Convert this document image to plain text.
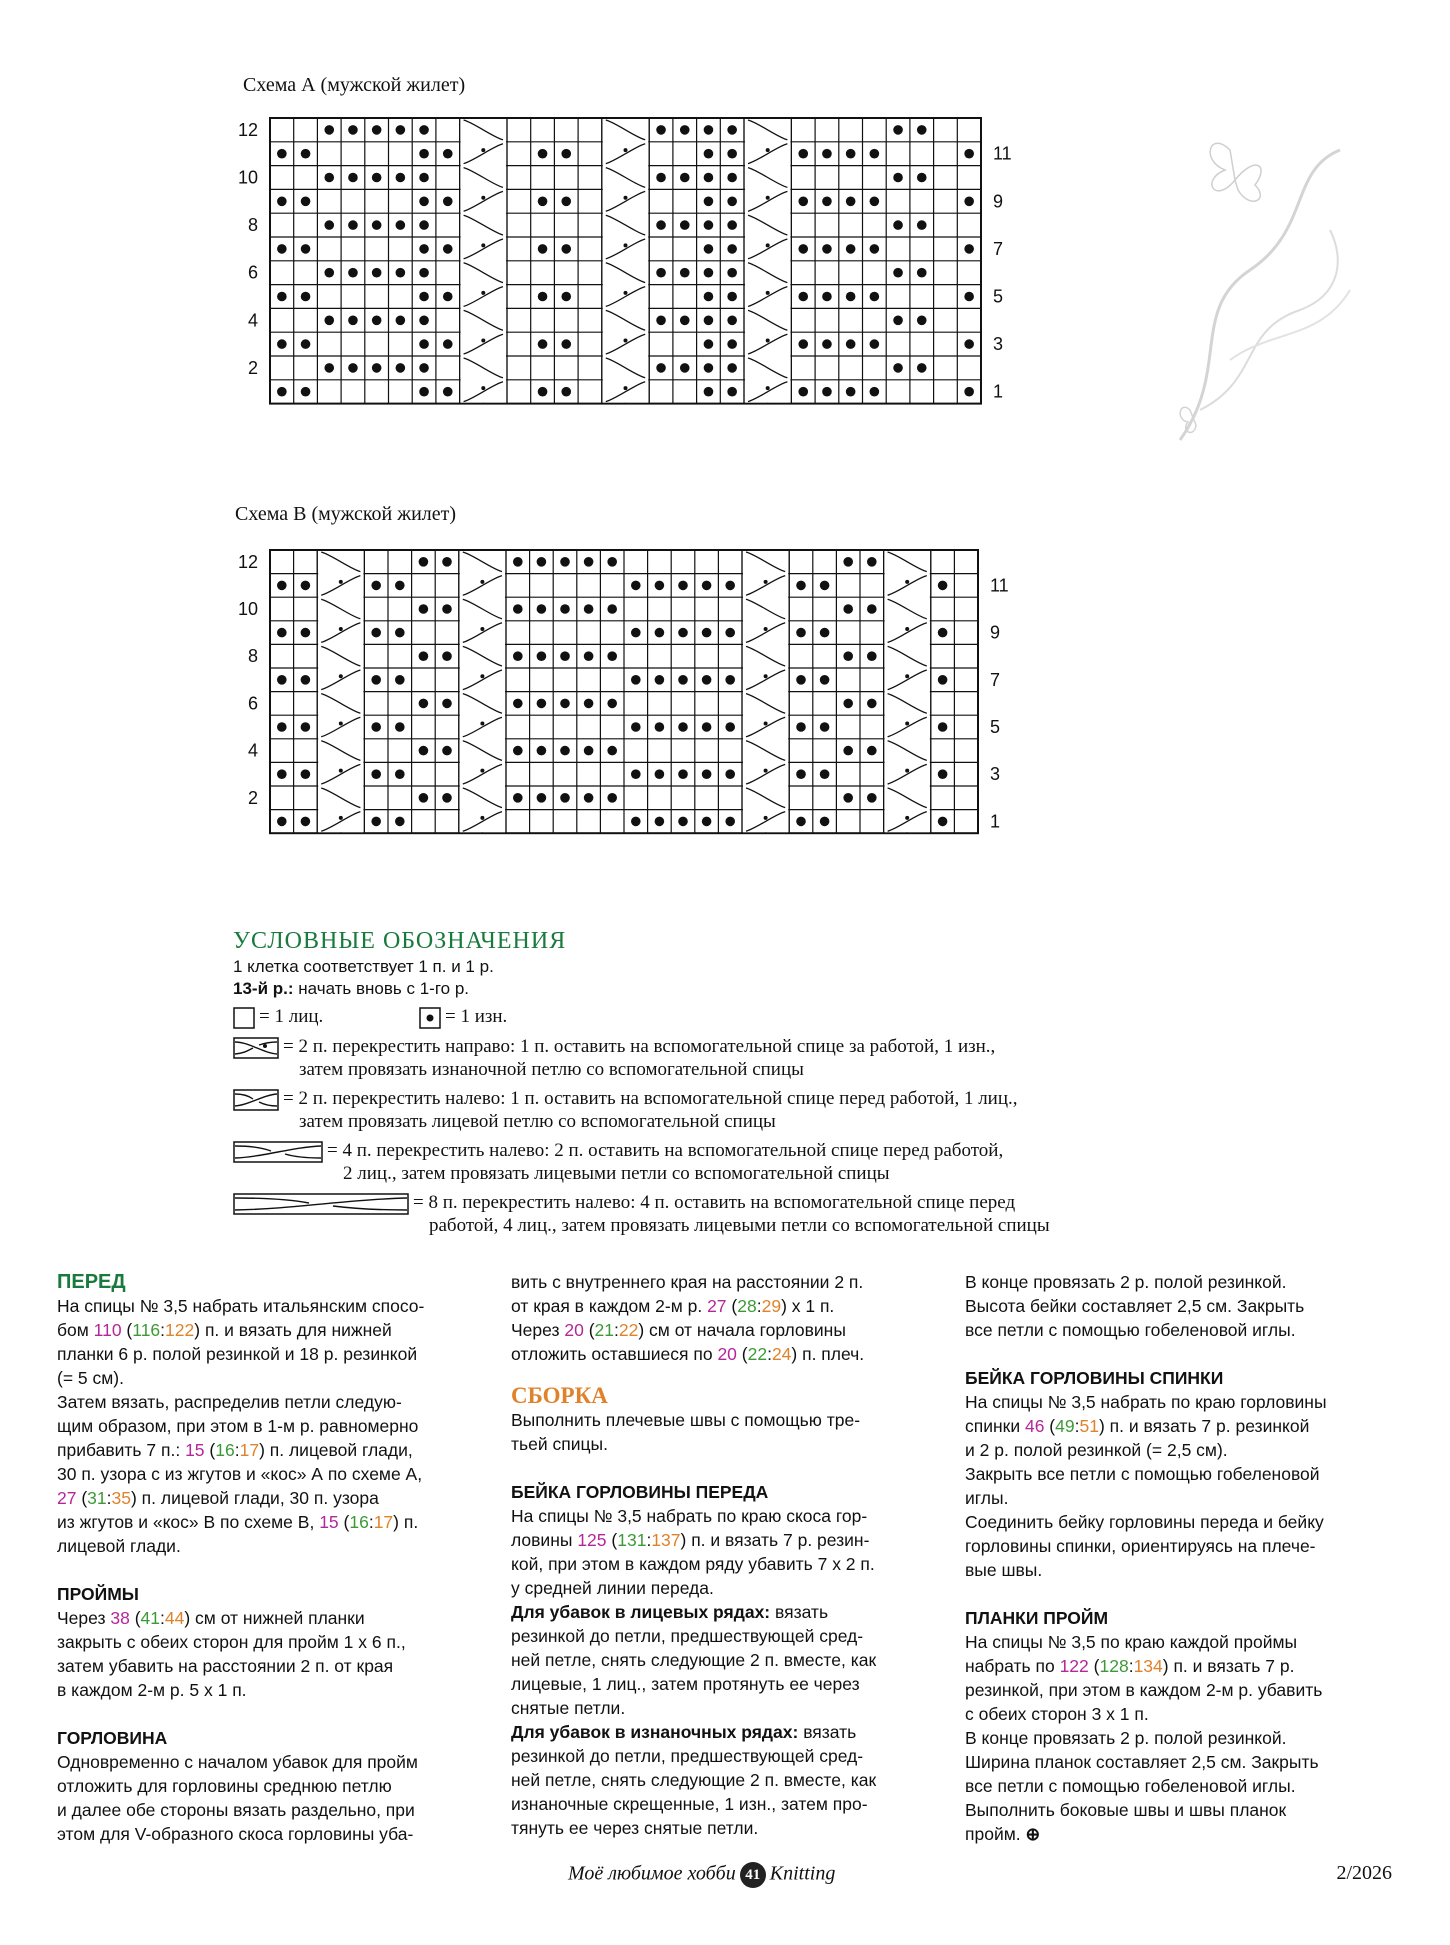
Схема А (мужской жилет)
12
10
8
6
4
2
11
9
7
5
3
1
Схема В (мужской жилет)
12
10
8
6
4
2
11
9
7
5
3
1
УСЛОВНЫЕ ОБОЗНАЧЕНИЯ
1 клетка соответствует 1 п. и 1 р.
13-й р.: начать вновь с 1-го р.
= 1 лиц.	= 1 изн.
= 2 п. перекрестить направо: 1 п. оставить на вспомогательной спице за работой, 1 изн.,
затем провязать изнаночной петлю со вспомогательной спицы
= 2 п. перекрестить налево: 1 п. оставить на вспомогательной спице перед работой, 1 лиц.,
затем провязать лицевой петлю со вспомогательной спицы
= 4 п. перекрестить налево: 2 п. оставить на вспомогательной спице перед работой,
2 лиц., затем провязать лицевыми петли со вспомогательной спицы
= 8 п. перекрестить налево: 4 п. оставить на вспомогательной спице перед
работой, 4 лиц., затем провязать лицевыми петли со вспомогательной спицы
ПЕРЕД

На спицы № 3,5 набрать итальянским спосо-

бом 110 (116:122) п. и вязать для нижней

планки 6 р. полой резинкой и 18 р. резинкой

(= 5 см).

Затем вязать, распределив петли следую-

щим образом, при этом в 1-м р. равномерно

прибавить 7 п.: 15 (16:17) п. лицевой глади,

30 п. узора с из жгутов и «кос» А по схеме А,

27 (31:35) п. лицевой глади, 30 п. узора

из жгутов и «кос» В по схеме В, 15 (16:17) п.

лицевой глади.

ПРОЙМЫ

Через 38 (41:44) см от нижней планки

закрыть с обеих сторон для пройм 1 х 6 п.,

затем убавить на расстоянии 2 п. от края

в каждом 2-м р. 5 х 1 п.

ГОРЛОВИНА

Одновременно с началом убавок для пройм

отложить для горловины среднюю петлю

и далее обе стороны вязать раздельно, при

этом для V-образного скоса горловины уба-

вить с внутреннего края на расстоянии 2 п.

от края в каждом 2-м р. 27 (28:29) х 1 п.

Через 20 (21:22) см от начала горловины

отложить оставшиеся по 20 (22:24) п. плеч.

СБОРКА

Выполнить плечевые швы с помощью тре-

тьей спицы.

БЕЙКА ГОРЛОВИНЫ ПЕРЕДА

На спицы № 3,5 набрать по краю скоса гор-

ловины 125 (131:137) п. и вязать 7 р. резин-

кой, при этом в каждом ряду убавить 7 х 2 п.

у средней линии переда.

Для убавок в лицевых рядах: вязать

резинкой до петли, предшествующей сред-

ней петле, снять следующие 2 п. вместе, как

лицевые, 1 лиц., затем протянуть ее через

снятые петли.

Для убавок в изнаночных рядах: вязать

резинкой до петли, предшествующей сред-

ней петле, снять следующие 2 п. вместе, как

изнаночные скрещенные, 1 изн., затем про-

тянуть ее через снятые петли.

В конце провязать 2 р. полой резинкой.

Высота бейки составляет 2,5 см. Закрыть

все петли с помощью гобеленовой иглы.

БЕЙКА ГОРЛОВИНЫ СПИНКИ

На спицы № 3,5 набрать по краю горловины

спинки 46 (49:51) п. и вязать 7 р. резинкой

и 2 р. полой резинкой (= 2,5 см).

Закрыть все петли с помощью гобеленовой

иглы.

Соединить бейку горловины переда и бейку

горловины спинки, ориентируясь на плече-

вые швы.

ПЛАНКИ ПРОЙМ

На спицы № 3,5 по краю каждой проймы

набрать по 122 (128:134) п. и вязать 7 р.

резинкой, при этом в каждом 2-м р. убавить

с обеих сторон 3 х 1 п.

В конце провязать 2 р. полой резинкой.

Ширина планок составляет 2,5 см. Закрыть

все петли с помощью гобеленовой иглы.

Выполнить боковые швы и швы планок

пройм. ⊕

Моё любимое хобби 41 Knitting	2/2026
